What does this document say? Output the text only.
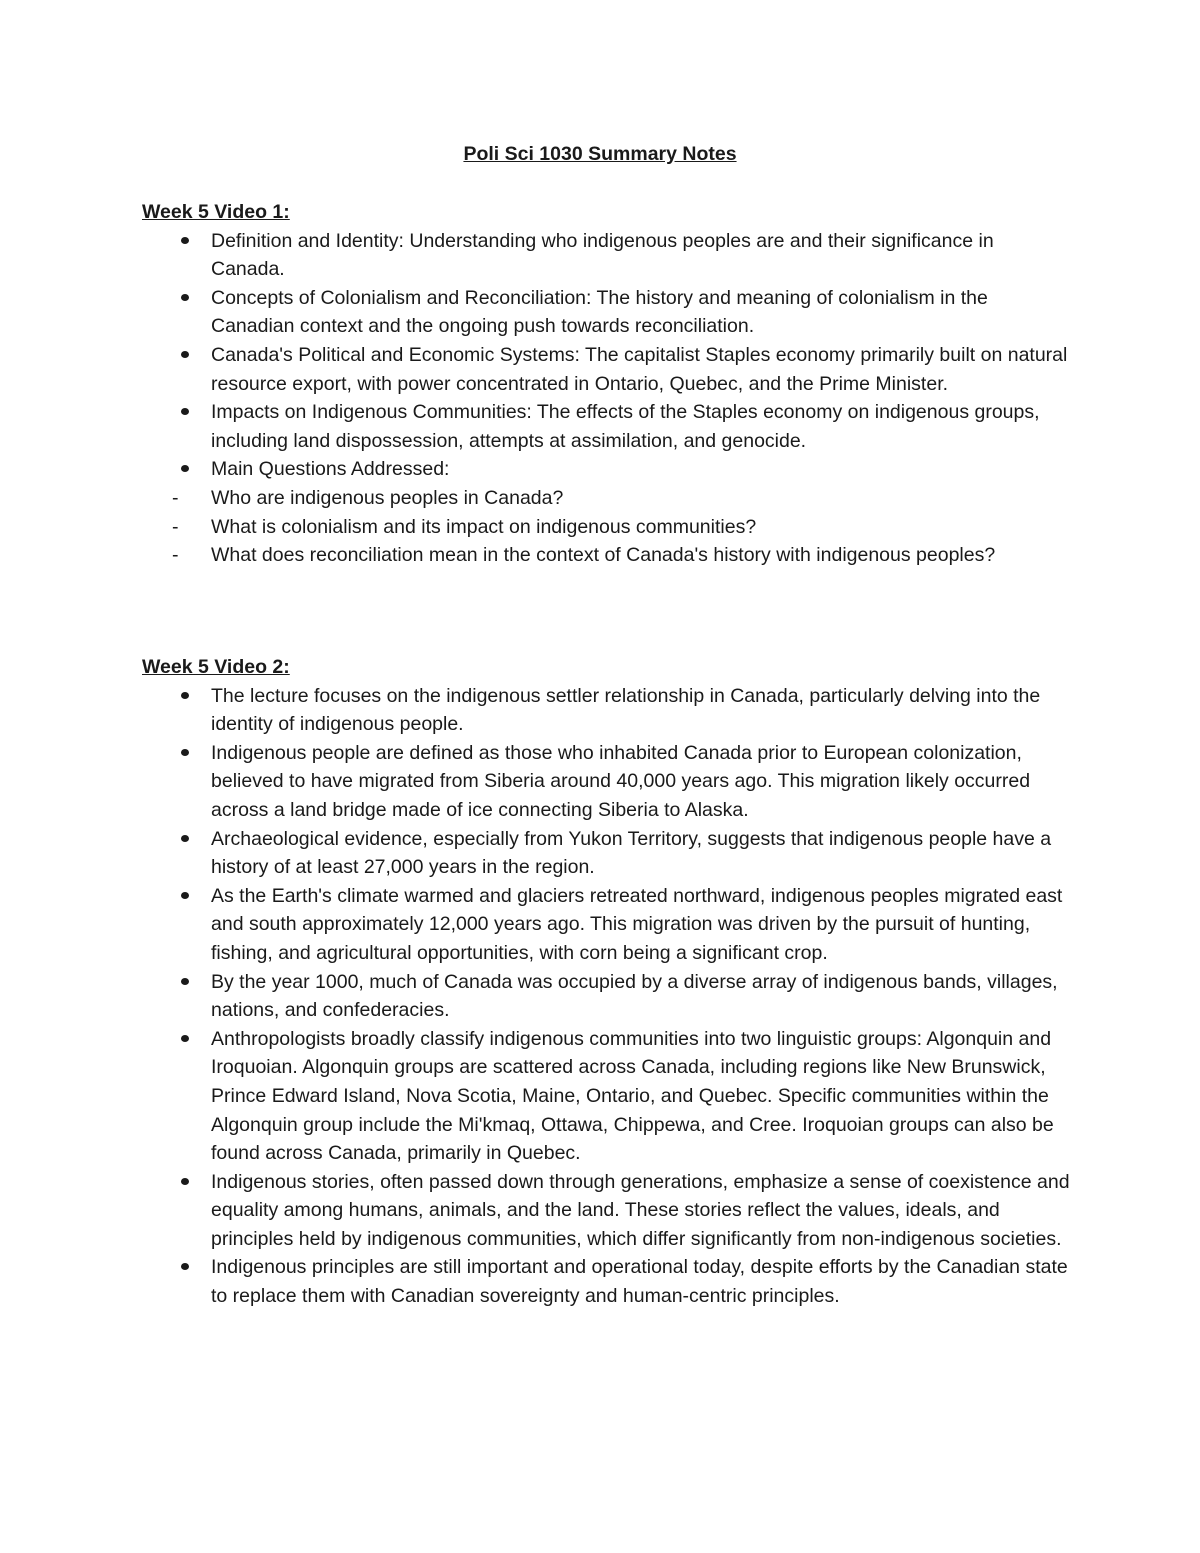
Poli Sci 1030 Summary Notes

Week 5 Video 1:

Definition and Identity: Understanding who indigenous peoples are and their significance in Canada.
Concepts of Colonialism and Reconciliation: The history and meaning of colonialism in the Canadian context and the ongoing push towards reconciliation.
Canada's Political and Economic Systems: The capitalist Staples economy primarily built on natural resource export, with power concentrated in Ontario, Quebec, and the Prime Minister.
Impacts on Indigenous Communities: The effects of the Staples economy on indigenous groups, including land dispossession, attempts at assimilation, and genocide.
Main Questions Addressed:
Who are indigenous peoples in Canada?
What is colonialism and its impact on indigenous communities?
What does reconciliation mean in the context of Canada's history with indigenous peoples?

Week 5 Video 2:

The lecture focuses on the indigenous settler relationship in Canada, particularly delving into the identity of indigenous people.
Indigenous people are defined as those who inhabited Canada prior to European colonization, believed to have migrated from Siberia around 40,000 years ago. This migration likely occurred across a land bridge made of ice connecting Siberia to Alaska.
Archaeological evidence, especially from Yukon Territory, suggests that indigenous people have a history of at least 27,000 years in the region.
As the Earth's climate warmed and glaciers retreated northward, indigenous peoples migrated east and south approximately 12,000 years ago. This migration was driven by the pursuit of hunting, fishing, and agricultural opportunities, with corn being a significant crop.
By the year 1000, much of Canada was occupied by a diverse array of indigenous bands, villages, nations, and confederacies.
Anthropologists broadly classify indigenous communities into two linguistic groups: Algonquin and Iroquoian. Algonquin groups are scattered across Canada, including regions like New Brunswick, Prince Edward Island, Nova Scotia, Maine, Ontario, and Quebec. Specific communities within the Algonquin group include the Mi'kmaq, Ottawa, Chippewa, and Cree. Iroquoian groups can also be found across Canada, primarily in Quebec.
Indigenous stories, often passed down through generations, emphasize a sense of coexistence and equality among humans, animals, and the land. These stories reflect the values, ideals, and principles held by indigenous communities, which differ significantly from non-indigenous societies.
Indigenous principles are still important and operational today, despite efforts by the Canadian state to replace them with Canadian sovereignty and human-centric principles.
